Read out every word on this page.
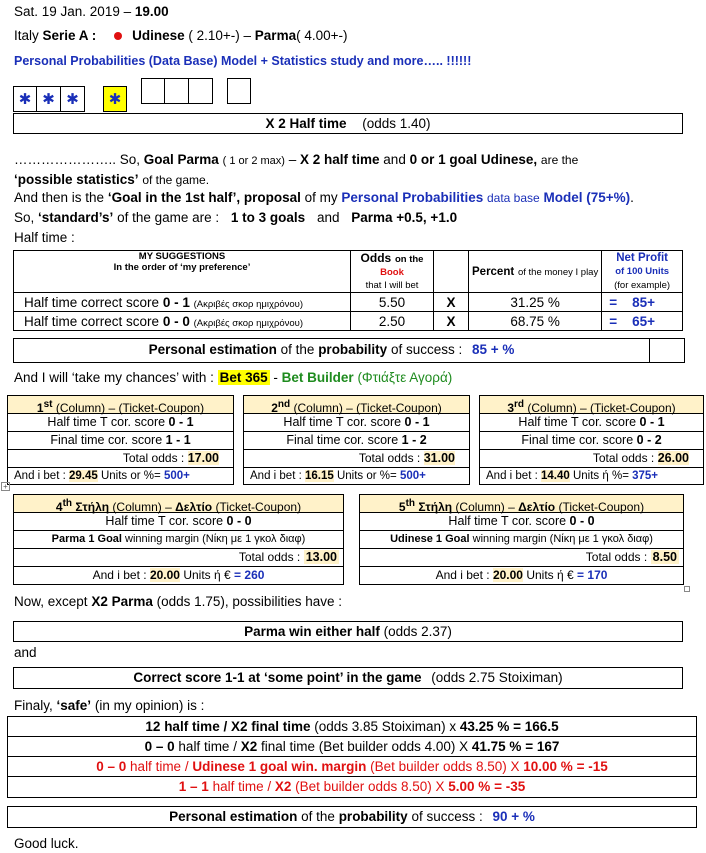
Sat. 19 Jan. 2019 – 19.00
Italy Serie A :	Udinese ( 2.10+-) – Parma( 4.00+-)
Personal Probabilities (Data Base) Model + Statistics study and more….. !!!!!!
✱ ✱ ✱ ✱
X 2 Half time (odds 1.40)
………………….. So, Goal Parma ( 1 or 2 max) – X 2 half time and 0 or 1 goal Udinese, are the
‘possible statistics’ of the game.
And then is the ‘Goal in the 1st half’, proposal of my Personal Probabilities data base Model (75+%).
So, ‘standard’s’ of the game are : 1 to 3 goals and Parma +0.5, +1.0
Half time :
MY SUGGESTIONS
In the order of ‘my preference’	Odds on the
Book
that I will bet		Percent of the money I play	Net Profit
of 100 Units
(for example)
Half time correct score 0 - 1 (Ακριβές σκορ ημιχρόνου)	5.50	X	31.25 %	= 85+

Half time correct score 0 - 0 (Ακριβές σκορ ημιχρόνου)	2.50	X	68.75 %	= 65+
Personal estimation of the probability of success : 85 + %
And I will ‘take my chances’ with : Bet 365 - Bet Builder (Φτιάξτε Αγορά)
1st (Column) – (Ticket-Coupon)
Half time T cor. score 0 - 1
Final time cor. score 1 - 1
Total odds : 17.00
And i bet : 29.45 Units or %= 500+
2nd (Column) – (Ticket-Coupon)
Half time T cor. score 0 - 1
Final time cor. score 1 - 2
Total odds : 31.00
And i bet : 16.15 Units or %= 500+
3rd (Column) – (Ticket-Coupon)
Half time T cor. score 0 - 1
Final time cor. score 0 - 2
Total odds : 26.00
And i bet : 14.40 Units ή %= 375+
+
4th Στήλη (Column) – Δελτίο (Ticket-Coupon)
Half time T cor. score 0 - 0
Parma 1 Goal winning margin (Νίκη με 1 γκολ διαφ)
Total odds : 13.00
And i bet : 20.00 Units ή € = 260
5th Στήλη (Column) – Δελτίο (Ticket-Coupon)
Half time T cor. score 0 - 0
Udinese 1 Goal winning margin (Νίκη με 1 γκολ διαφ)
Total odds : 8.50
And i bet : 20.00 Units ή € = 170
Now, except X2 Parma (odds 1.75), possibilities have :
Parma win either half (odds 2.37)
and
Correct score 1-1 at ‘some point’ in the game (odds 2.75 Stoiximan)
Finaly, ‘safe’ (in my opinion) is :
12 half time / X2 final time (odds 3.85 Stoiximan) x 43.25 % = 166.5
0 – 0 half time / X2 final time (Bet builder odds 4.00) X 41.75 % = 167
0 – 0 half time / Udinese 1 goal win. margin (Bet builder odds 8.50) X 10.00 % = -15
1 – 1 half time / X2 (Bet builder odds 8.50) X 5.00 % = -35
Personal estimation of the probability of success : 90 + %
Good luck.
